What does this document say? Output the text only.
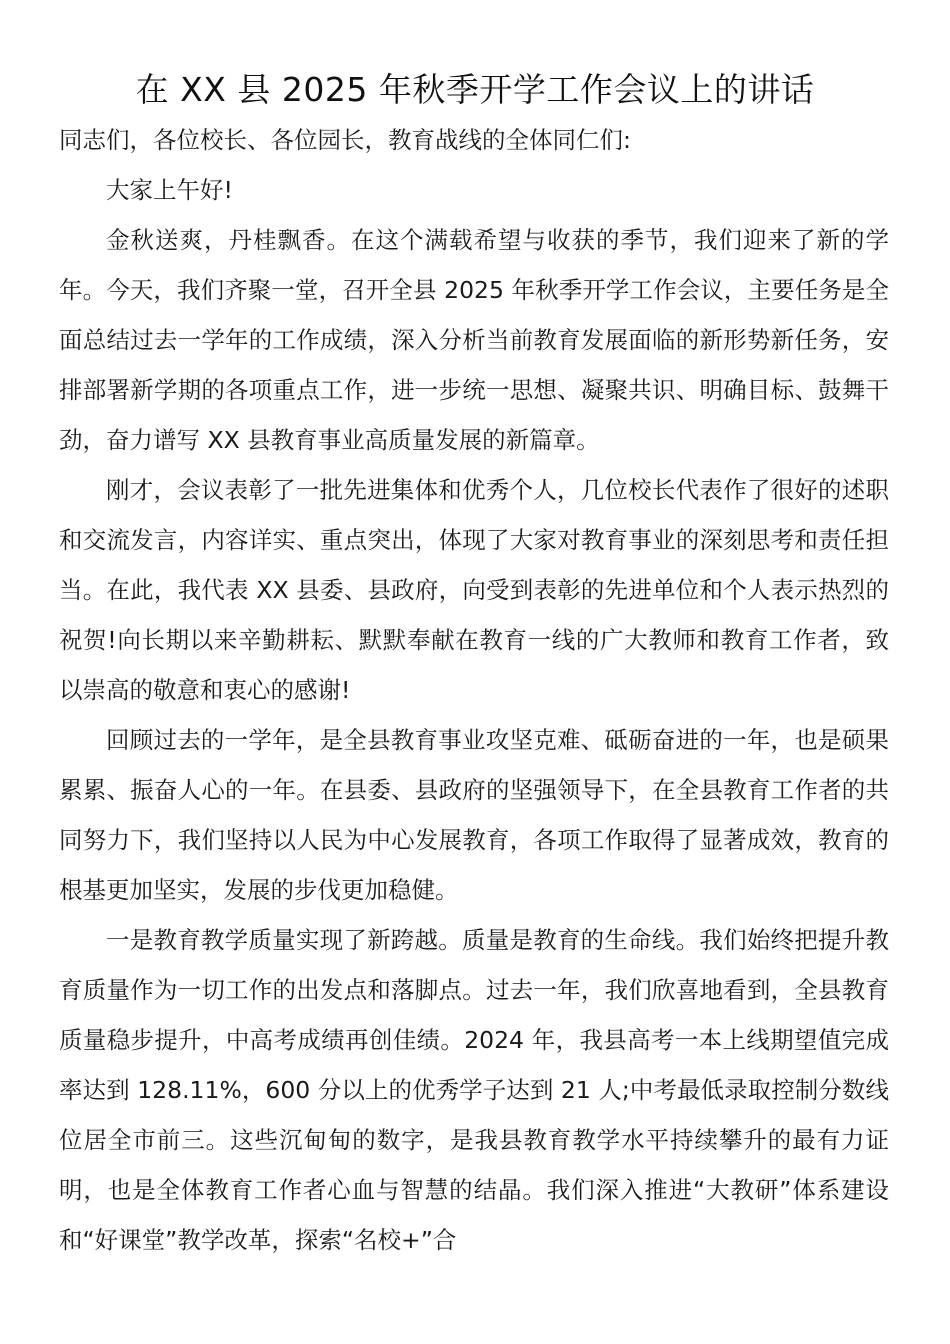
在 XX 县 2025 年秋季开学工作会议上的讲话

同志们，各位校长、各位园长，教育战线的全体同仁们:

大家上午好!

金秋送爽，丹桂飘香。在这个满载希望与收获的季节，我们迎来了新的学年。今天，我们齐聚一堂，召开全县 2025 年秋季开学工作会议，主要任务是全面总结过去一学年的工作成绩，深入分析当前教育发展面临的新形势新任务，安排部署新学期的各项重点工作，进一步统一思想、凝聚共识、明确目标、鼓舞干劲，奋力谱写 XX 县教育事业高质量发展的新篇章。

刚才，会议表彰了一批先进集体和优秀个人，几位校长代表作了很好的述职和交流发言，内容详实、重点突出，体现了大家对教育事业的深刻思考和责任担当。在此，我代表 XX 县委、县政府，向受到表彰的先进单位和个人表示热烈的祝贺!向长期以来辛勤耕耘、默默奉献在教育一线的广大教师和教育工作者，致以崇高的敬意和衷心的感谢!

回顾过去的一学年，是全县教育事业攻坚克难、砥砺奋进的一年，也是硕果累累、振奋人心的一年。在县委、县政府的坚强领导下，在全县教育工作者的共同努力下，我们坚持以人民为中心发展教育，各项工作取得了显著成效，教育的根基更加坚实，发展的步伐更加稳健。

一是教育教学质量实现了新跨越。质量是教育的生命线。我们始终把提升教育质量作为一切工作的出发点和落脚点。过去一年，我们欣喜地看到，全县教育质量稳步提升，中高考成绩再创佳绩。2024 年，我县高考一本上线期望值完成率达到 128.11%，600 分以上的优秀学子达到 21 人;中考最低录取控制分数线位居全市前三。这些沉甸甸的数字，是我县教育教学水平持续攀升的最有力证明，也是全体教育工作者心血与智慧的结晶。我们深入推进“大教研”体系建设和“好课堂”教学改革，探索“名校+”合
